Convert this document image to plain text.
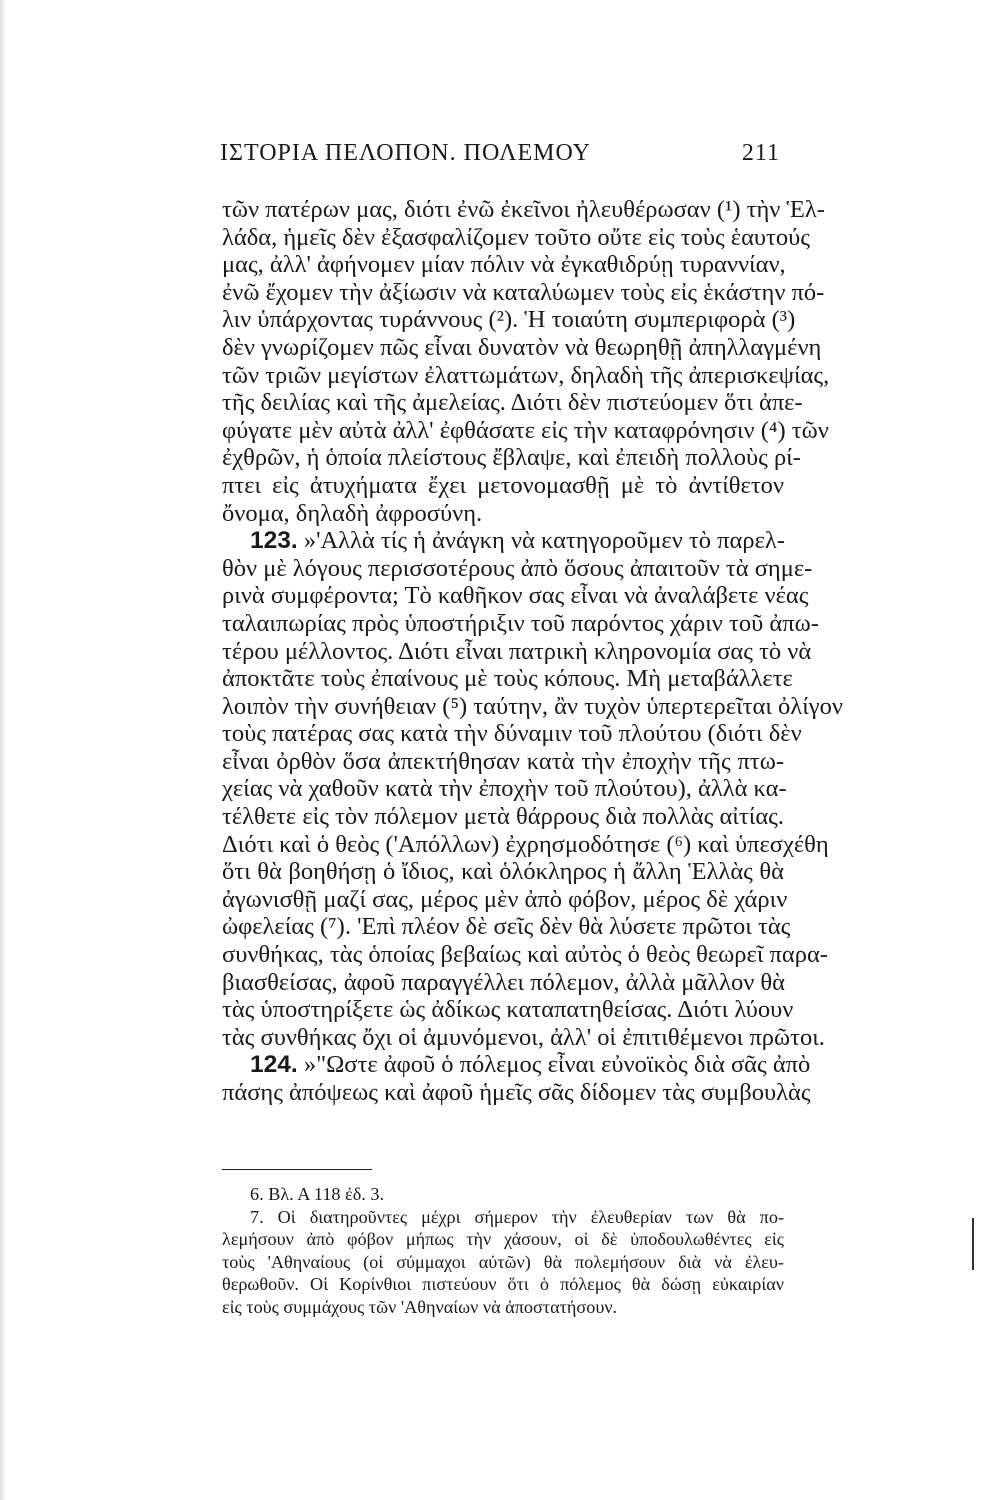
ΙΣΤΟΡΙΑ ΠΕΛΟΠΟΝ. ΠΟΛΕΜΟΥ	211
τῶν πατέρων μας, διότι ἐνῶ ἐκεῖνοι ἠλευθέρωσαν (¹) τὴν Ἑλ-
λάδα, ἡμεῖς δὲν ἐξασφαλίζομεν τοῦτο οὔτε εἰς τοὺς ἑαυτούς
μας, ἀλλ' ἀφήνομεν μίαν πόλιν νὰ ἐγκαθιδρύῃ τυραννίαν,
ἐνῶ ἔχομεν τὴν ἀξίωσιν νὰ καταλύωμεν τοὺς εἰς ἑκάστην πό-
λιν ὑπάρχοντας τυράννους (²). Ἡ τοιαύτη συμπεριφορὰ (³)
δὲν γνωρίζομεν πῶς εἶναι δυνατὸν νὰ θεωρηθῇ ἀπηλλαγμένη
τῶν τριῶν μεγίστων ἐλαττωμάτων, δηλαδὴ τῆς ἀπερισκεψίας,
τῆς δειλίας καὶ τῆς ἀμελείας. Διότι δὲν πιστεύομεν ὅτι ἀπε-
φύγατε μὲν αὐτὰ ἀλλ' ἐφθάσατε εἰς τὴν καταφρόνησιν (⁴) τῶν
ἐχθρῶν, ἡ ὁποία πλείστους ἔβλαψε, καὶ ἐπειδὴ πολλοὺς ρί-
πτει εἰς ἀτυχήματα ἔχει μετονομασθῇ μὲ τὸ ἀντίθετον
ὄνομα, δηλαδὴ ἀφροσύνη.
123. »'Αλλὰ τίς ἡ ἀνάγκη νὰ κατηγοροῦμεν τὸ παρελ-
θὸν μὲ λόγους περισσοτέρους ἀπὸ ὅσους ἀπαιτοῦν τὰ σημε-
ρινὰ συμφέροντα; Τὸ καθῆκον σας εἶναι νὰ ἀναλάβετε νέας
ταλαιπωρίας πρὸς ὑποστήριξιν τοῦ παρόντος χάριν τοῦ ἀπω-
τέρου μέλλοντος. Διότι εἶναι πατρικὴ κληρονομία σας τὸ νὰ
ἀποκτᾶτε τοὺς ἐπαίνους μὲ τοὺς κόπους. Μὴ μεταβάλλετε
λοιπὸν τὴν συνήθειαν (⁵) ταύτην, ἂν τυχὸν ὑπερτερεῖται ὀλίγον
τοὺς πατέρας σας κατὰ τὴν δύναμιν τοῦ πλούτου (διότι δὲν
εἶναι ὀρθὸν ὅσα ἀπεκτήθησαν κατὰ τὴν ἐποχὴν τῆς πτω-
χείας νὰ χαθοῦν κατὰ τὴν ἐποχὴν τοῦ πλούτου), ἀλλὰ κα-
τέλθετε εἰς τὸν πόλεμον μετὰ θάρρους διὰ πολλὰς αἰτίας.
Διότι καὶ ὁ θεὸς ('Απόλλων) ἐχρησμοδότησε (⁶) καὶ ὑπεσχέθη
ὅτι θὰ βοηθήσῃ ὁ ἴδιος, καὶ ὁλόκληρος ἡ ἄλλη Ἑλλὰς θὰ
ἀγωνισθῇ μαζί σας, μέρος μὲν ἀπὸ φόβον, μέρος δὲ χάριν
ὠφελείας (⁷). 'Επὶ πλέον δὲ σεῖς δὲν θὰ λύσετε πρῶτοι τὰς
συνθήκας, τὰς ὁποίας βεβαίως καὶ αὐτὸς ὁ θεὸς θεωρεῖ παρα-
βιασθείσας, ἀφοῦ παραγγέλλει πόλεμον, ἀλλὰ μᾶλλον θὰ
τὰς ὑποστηρίξετε ὡς ἀδίκως καταπατηθείσας. Διότι λύουν
τὰς συνθήκας ὄχι οἱ ἀμυνόμενοι, ἀλλ' οἱ ἐπιτιθέμενοι πρῶτοι.
124. »"Ωστε ἀφοῦ ὁ πόλεμος εἶναι εὐνοϊκὸς διὰ σᾶς ἀπὸ
πάσης ἀπόψεως καὶ ἀφοῦ ἡμεῖς σᾶς δίδομεν τὰς συμβουλὰς
6. Βλ. Α 118 ἐδ. 3.
7. Οἱ διατηροῦντες μέχρι σήμερον τὴν ἐλευθερίαν των θὰ πο-
λεμήσουν ἀπὸ φόβον μήπως τὴν χάσουν, οἱ δὲ ὑποδουλωθέντες εἰς
τοὺς 'Αθηναίους (οἱ σύμμαχοι αὐτῶν) θὰ πολεμήσουν διὰ νὰ ἐλευ-
θερωθοῦν. Οἱ Κορίνθιοι πιστεύουν ὅτι ὁ πόλεμος θὰ δώσῃ εὐκαιρίαν
εἰς τοὺς συμμάχους τῶν 'Αθηναίων νὰ ἀποστατήσουν.
